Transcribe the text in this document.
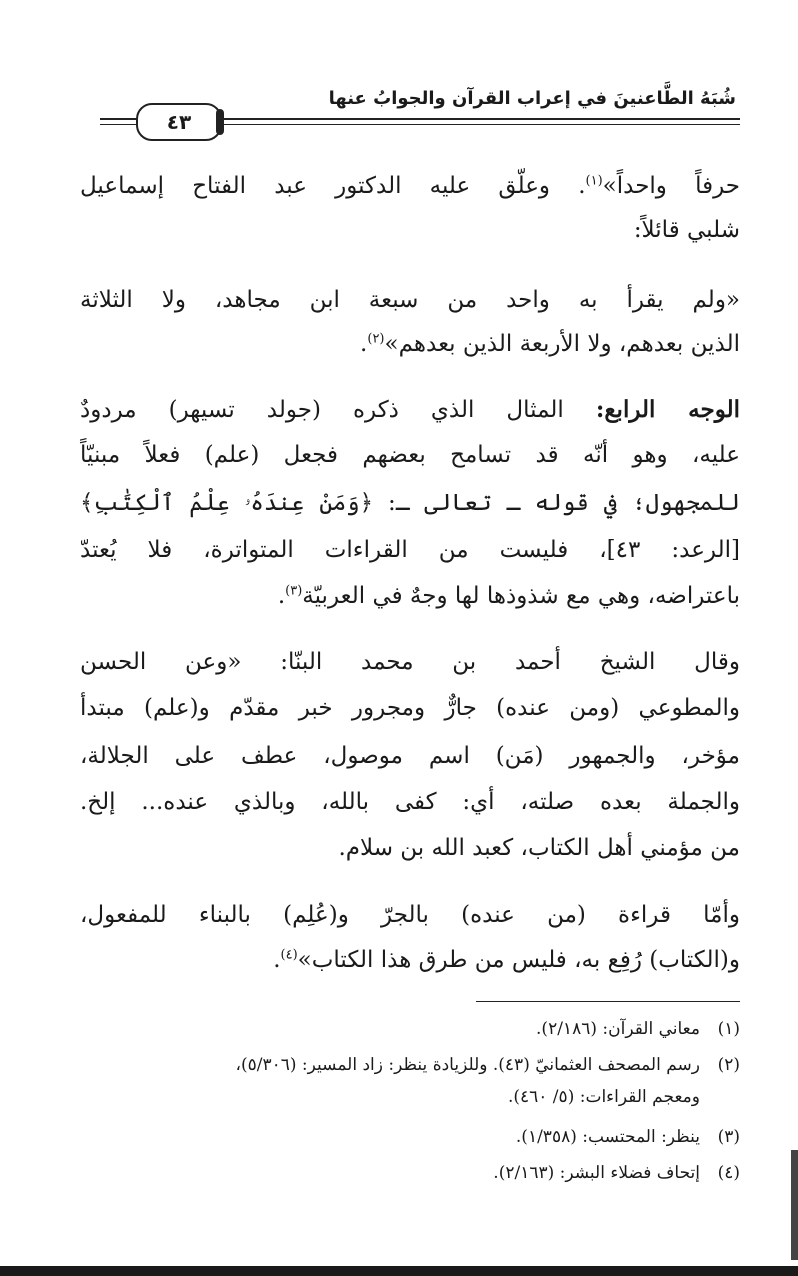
شُبَهُ الطَّاعنينَ في إعراب القرآن والجوابُ عنها
٤٣
حرفاً واحداً»$^{(١)}$. وعلّق عليه الدكتور عبد الفتاح إسماعيل
شلبي قائلاً:
«ولم يقرأ به واحد من سبعة ابن مجاهد، ولا الثلاثة
الذين بعدهم، ولا الأربعة الذين بعدهم»$^{(٢)}$.
الوجه الرابع: المثال الذي ذكره (جولد تسيهر) مردودٌ
عليه، وهو أنّه قد تسامح بعضهم فجعل (علم) فعلاً مبنيّاً
للمجهول؛ في قوله ـ تعالى ـ: ﴿وَمَنْ عِندَهُۥ عِلْمُ ٱلْكِتَٰبِ﴾
[الرعد: ٤٣]، فليست من القراءات المتواترة، فلا يُعتدّ
باعتراضه، وهي مع شذوذها لها وجهٌ في العربيّة$^{(٣)}$.
وقال الشيخ أحمد بن محمد البنّا: «وعن الحسن
والمطوعي (ومن عنده) جارٌّ ومجرور خبر مقدّم و(علم) مبتدأ
مؤخر، والجمهور (مَن) اسم موصول، عطف على الجلالة،
والجملة بعده صلته، أي: كفى بالله، وبالذي عنده... إلخ.
من مؤمني أهل الكتاب، كعبد الله بن سلام.
وأمّا قراءة (من عنده) بالجرّ و(عُلِم) بالبناء للمفعول،
و(الكتاب) رُفِع به، فليس من طرق هذا الكتاب»$^{(٤)}$.
(١)معاني القرآن: (٢/١٨٦).
(٢)رسم المصحف العثمانيّ (٤٣). وللزيادة ينظر: زاد المسير: (٥/٣٠٦)،
ومعجم القراءات: (٥/ ٤٦٠).
(٣)ينظر: المحتسب: (١/٣٥٨).
(٤)إتحاف فضلاء البشر: (٢/١٦٣).
